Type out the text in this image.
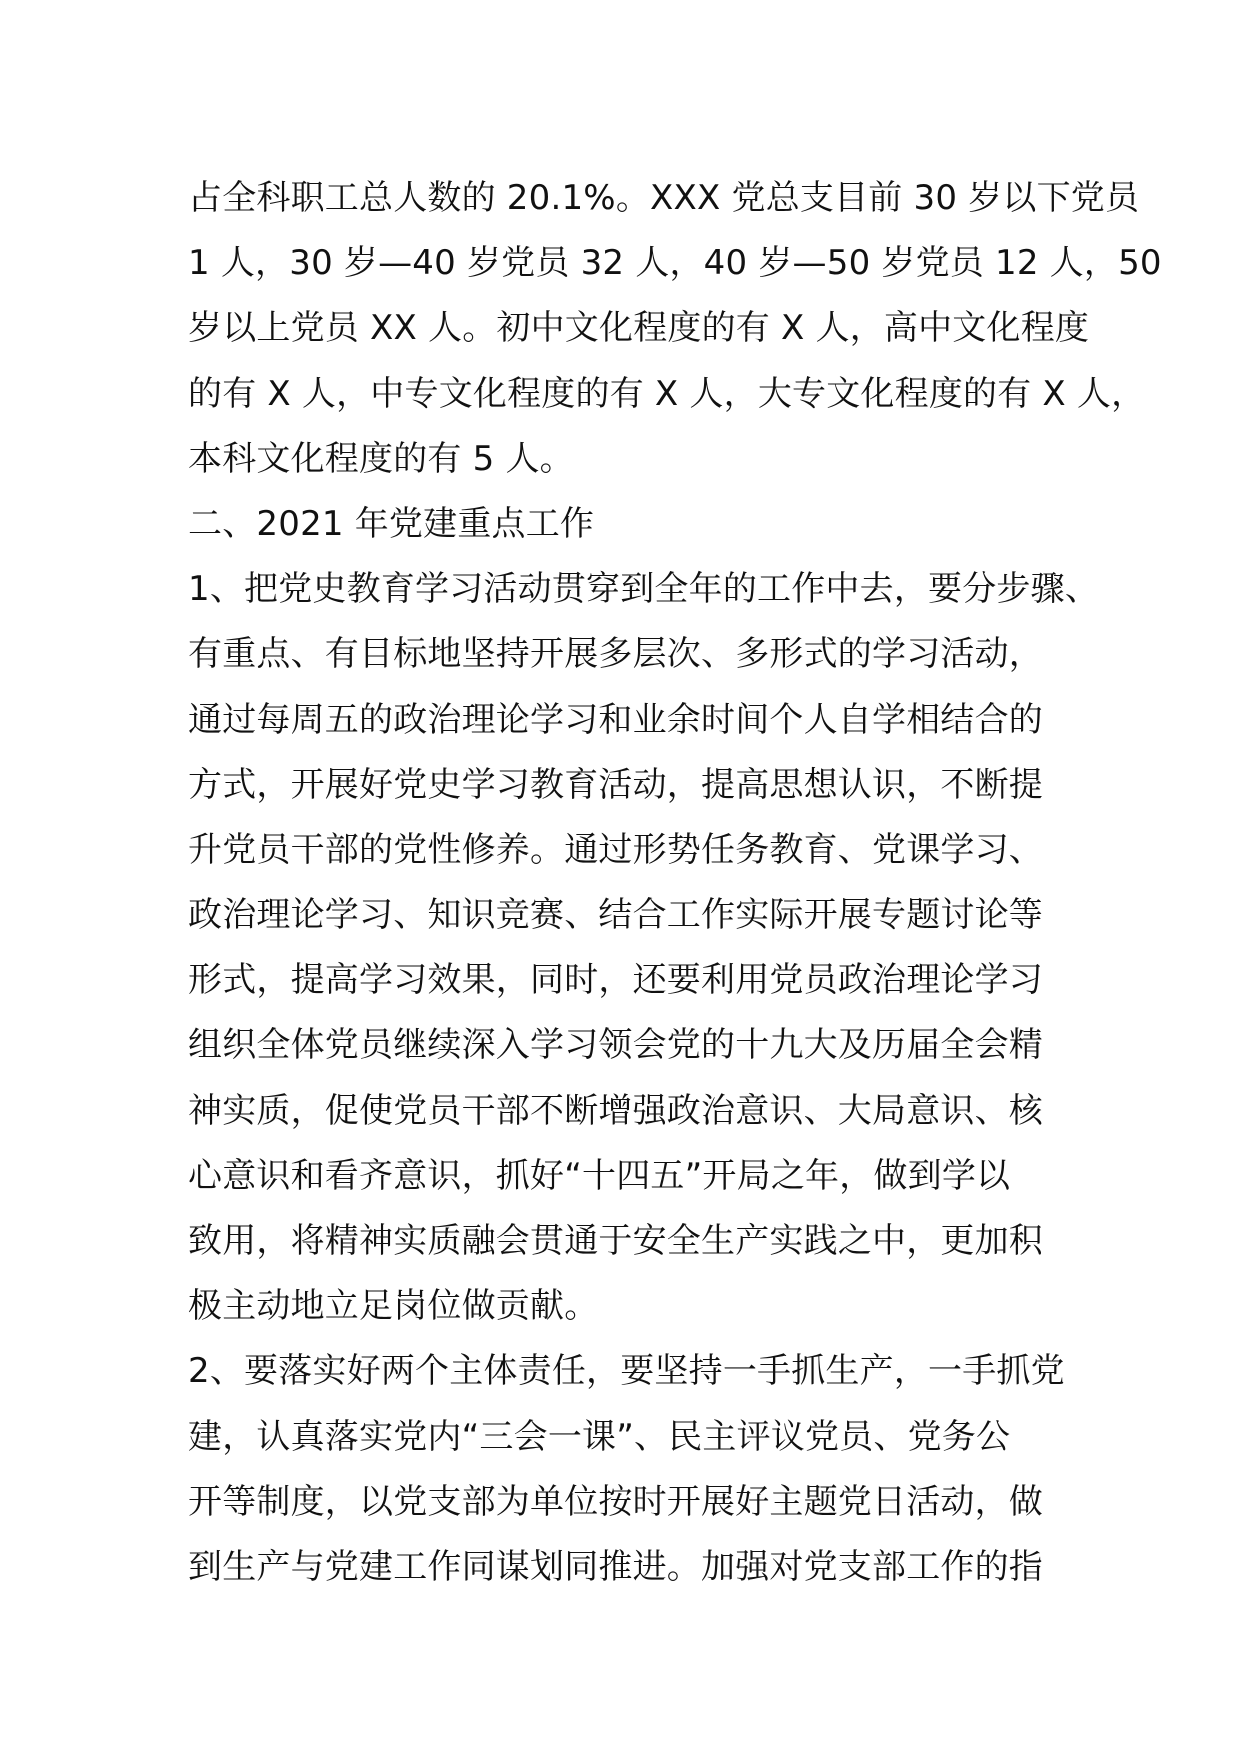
占全科职工总人数的 20.1%。XXX 党总支目前 30 岁以下党员
1 人，30 岁—40 岁党员 32 人，40 岁—50 岁党员 12 人，50
岁以上党员 XX 人。初中文化程度的有 X 人，高中文化程度
的有 X 人，中专文化程度的有 X 人，大专文化程度的有 X 人，
本科文化程度的有 5 人。
二、2021 年党建重点工作
1、把党史教育学习活动贯穿到全年的工作中去，要分步骤、
有重点、有目标地坚持开展多层次、多形式的学习活动，
通过每周五的政治理论学习和业余时间个人自学相结合的
方式，开展好党史学习教育活动，提高思想认识，不断提
升党员干部的党性修养。通过形势任务教育、党课学习、
政治理论学习、知识竞赛、结合工作实际开展专题讨论等
形式，提高学习效果，同时，还要利用党员政治理论学习
组织全体党员继续深入学习领会党的十九大及历届全会精
神实质，促使党员干部不断增强政治意识、大局意识、核
心意识和看齐意识，抓好“十四五”开局之年，做到学以
致用，将精神实质融会贯通于安全生产实践之中，更加积
极主动地立足岗位做贡献。
2、要落实好两个主体责任，要坚持一手抓生产，一手抓党
建，认真落实党内“三会一课”、民主评议党员、党务公
开等制度，以党支部为单位按时开展好主题党日活动，做
到生产与党建工作同谋划同推进。加强对党支部工作的指
